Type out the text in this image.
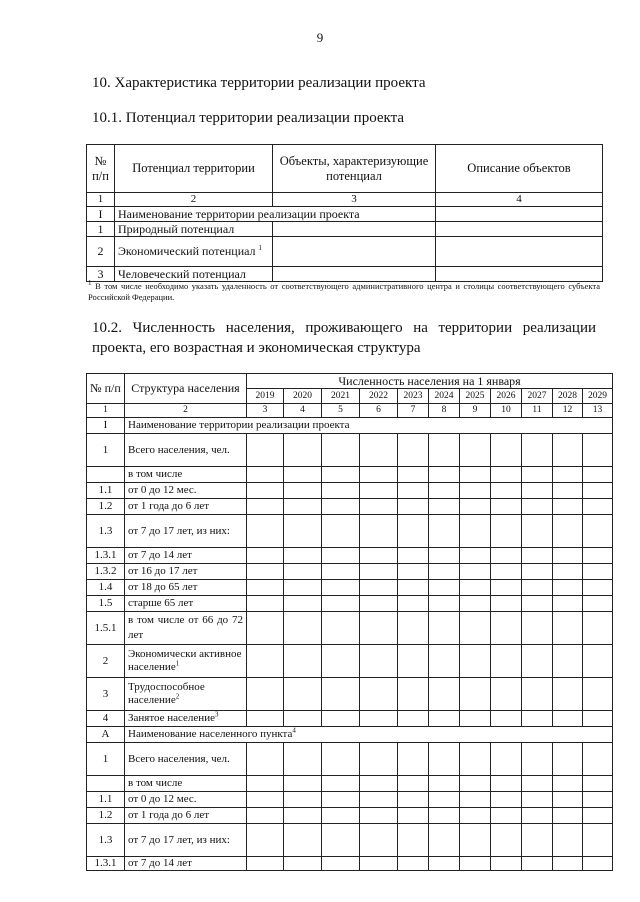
9
10. Характеристика территории реализации проекта
10.1. Потенциал территории реализации проекта
№ п/п	Потенциал территории	Объекты, характеризующие потенциал	Описание объектов
1	2	3	4
I	Наименование территории реализации проекта		
1	Природный потенциал		
2	Экономический потенциал $^1$		
3	Человеческий потенциал		
$^1$ В том числе необходимо указать удаленность от соответствующего административного центра и столицы соответствующего субъекта Российской Федерации.
10.2. Численность населения, проживающего на территории реализации
проекта, его возрастная и экономическая структура
№ п/п	Структура населения	Численность населения на 1 января										
		2019	2020	2021	2022	2023	2024	2025	2026	2027	2028	2029
1	2	3	4	5	6	7	8	9	10	11	12	13
I	Наименование территории реализации проекта											
1	Всего населения, чел.											
	в том числе											
1.1	от 0 до 12 мес.											
1.2	от 1 года до 6 лет											
1.3	от 7 до 17 лет, из них:											
1.3.1	от 7 до 14 лет											
1.3.2	от 16 до 17 лет											
1.4	от 18 до 65 лет											
1.5	старше 65 лет											
1.5.1	в том числе от 66 до 72 лет											
2	Экономически активное население$^1$											
3	Трудоспособное население$^2$											
4	Занятое население$^3$											
А	Наименование населенного пункта$^4$
1	Всего населения, чел.											
	в том числе											
1.1	от 0 до 12 мес.											
1.2	от 1 года до 6 лет											
1.3	от 7 до 17 лет, из них:											
1.3.1	от 7 до 14 лет											
